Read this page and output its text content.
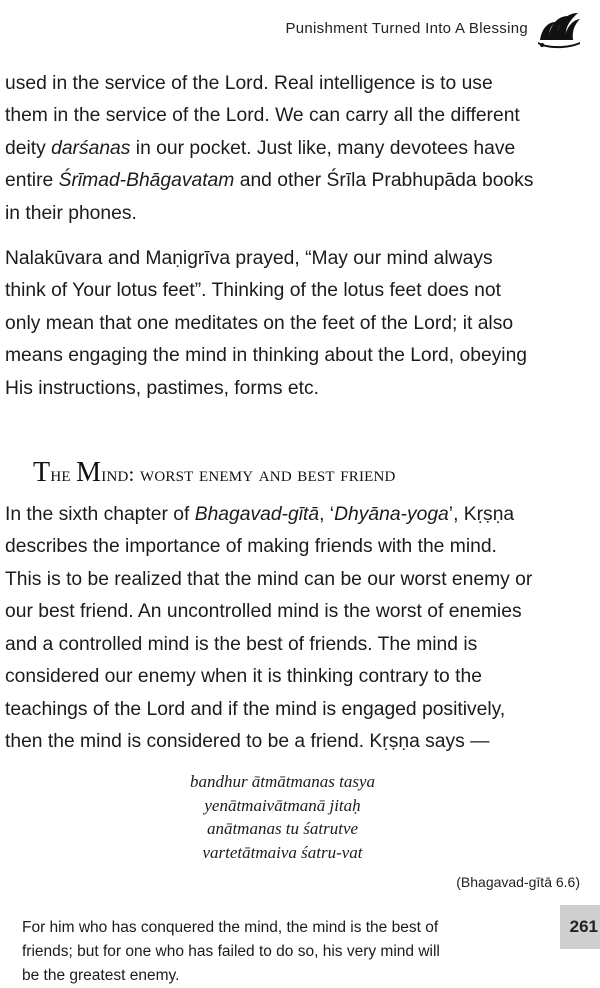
Punishment Turned Into A Blessing

used in the service of the Lord. Real intelligence is to use
them in the service of the Lord. We can carry all the different
deity darśanas in our pocket. Just like, many devotees have
entire Śrīmad-Bhāgavatam and other Śrīla Prabhupāda books
in their phones.

Nalakūvara and Maṇigrīva prayed, “May our mind always
think of Your lotus feet”. Thinking of the lotus feet does not
only mean that one meditates on the feet of the Lord; it also
means engaging the mind in thinking about the Lord, obeying
His instructions, pastimes, forms etc.

The Mind: worst enemy and best friend

In the sixth chapter of Bhagavad-gītā, ‘Dhyāna-yoga’, Kṛṣṇa
describes the importance of making friends with the mind.
This is to be realized that the mind can be our worst enemy or
our best friend. An uncontrolled mind is the worst of enemies
and a controlled mind is the best of friends. The mind is
considered our enemy when it is thinking contrary to the
teachings of the Lord and if the mind is engaged positively,
then the mind is considered to be a friend. Kṛṣṇa says —

bandhur ātmātmanas tasya
yenātmaivātmanā jitaḥ
anātmanas tu śatrutve
vartetātmaiva śatru-vat
(Bhagavad-gītā 6.6)

For him who has conquered the mind, the mind is the best of
friends; but for one who has failed to do so, his very mind will
be the greatest enemy.

261
